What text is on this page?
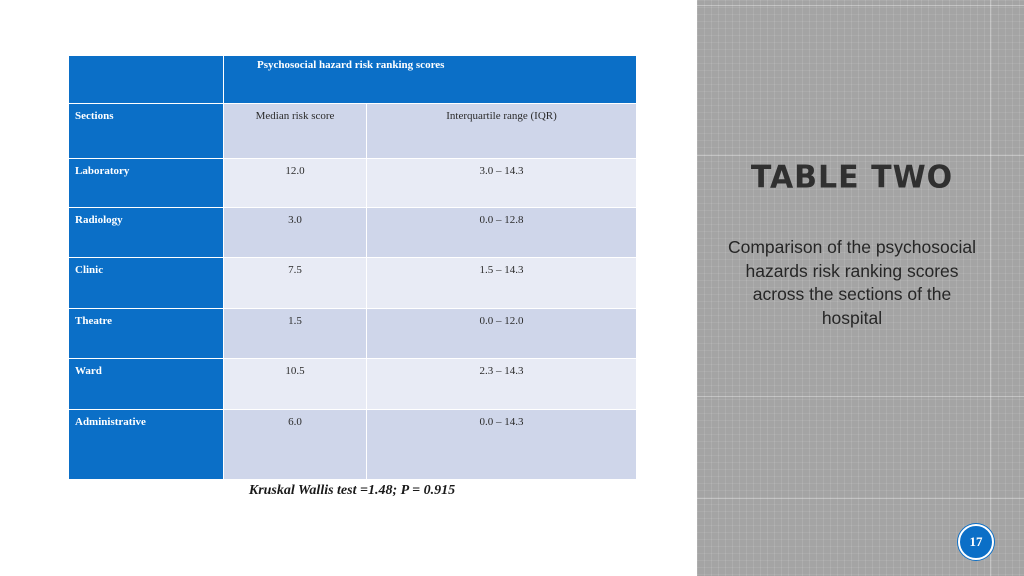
	Psychosocial hazard risk ranking scores	

Sections	Median risk score	Interquartile range (IQR)
Laboratory	12.0	3.0 – 14.3
Radiology	3.0	0.0 – 12.8
Clinic	7.5	1.5 – 14.3
Theatre	1.5	0.0 – 12.0
Ward	10.5	2.3 – 14.3
Administrative	6.0	0.0 – 14.3
Kruskal Wallis test =1.48; P = 0.915
TABLE TWO
Comparison of the psychosocial hazards risk ranking scores across the sections of the hospital
17
